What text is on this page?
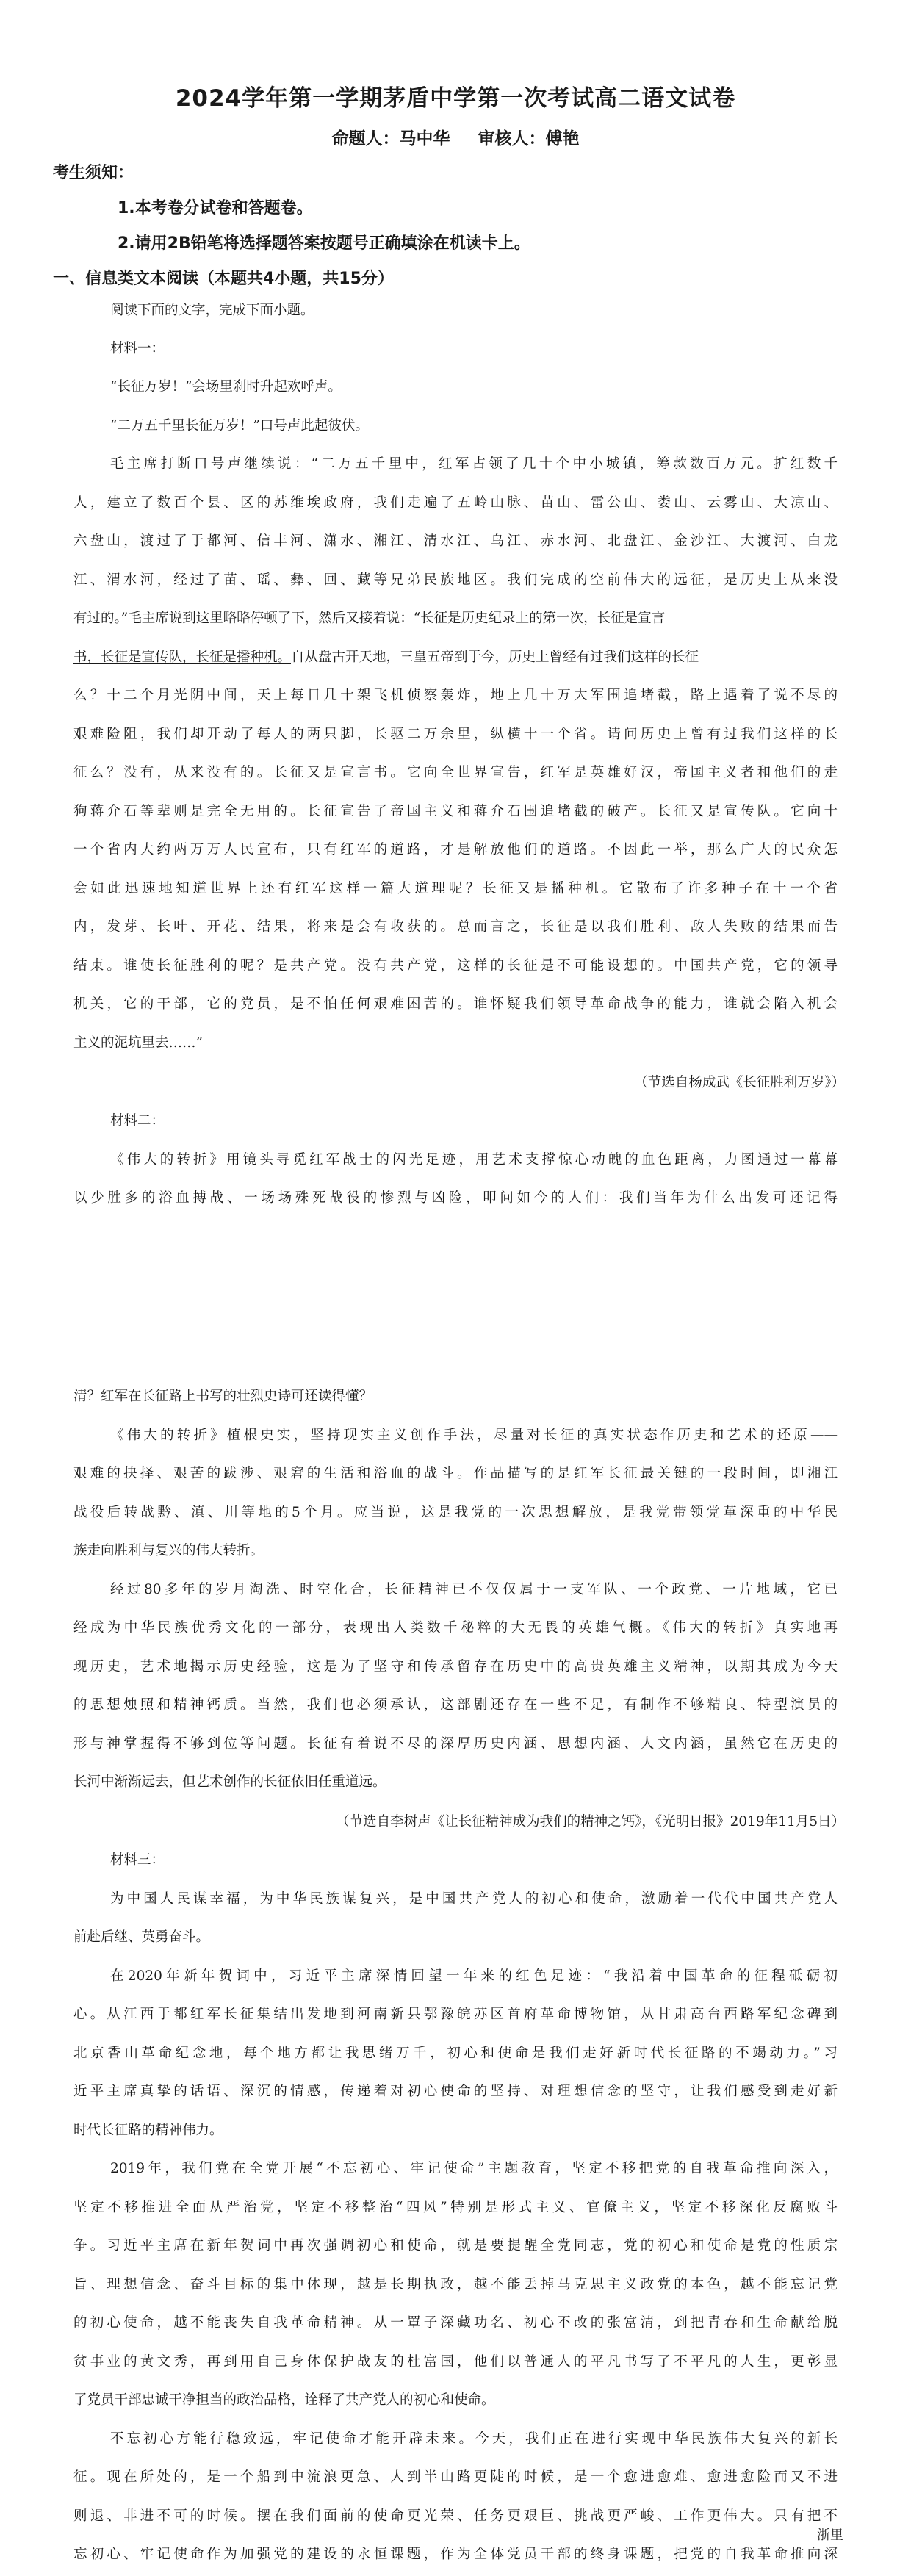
2024学年第一学期茅盾中学第一次考试高二语文试卷
命题人：马中华 审核人：傅艳
考生须知：
1.本考卷分试卷和答题卷。
2.请用2B铅笔将选择题答案按题号正确填涂在机读卡上。
一、信息类文本阅读（本题共4小题，共15分）
阅读下面的文字，完成下面小题。
材料一：
“长征万岁！”会场里刹时升起欢呼声。
“二万五千里长征万岁！”口号声此起彼伏。
毛主席打断口号声继续说：“二万五千里中，红军占领了几十个中小城镇，筹款数百万元。扩红数千
人，建立了数百个县、区的苏维埃政府，我们走遍了五岭山脉、苗山、雷公山、娄山、云雾山、大凉山、
六盘山，渡过了于都河、信丰河、潇水、湘江、清水江、乌江、赤水河、北盘江、金沙江、大渡河、白龙
江、渭水河，经过了苗、瑶、彝、回、藏等兄弟民族地区。我们完成的空前伟大的远征，是历史上从来没
有过的。”毛主席说到这里略略停顿了下，然后又接着说：“长征是历史纪录上的第一次，长征是宣言
书，长征是宣传队，长征是播种机。自从盘古开天地，三皇五帝到于今，历史上曾经有过我们这样的长征
么？十二个月光阴中间，天上每日几十架飞机侦察轰炸，地上几十万大军围追堵截，路上遇着了说不尽的
艰难险阻，我们却开动了每人的两只脚，长驱二万余里，纵横十一个省。请问历史上曾有过我们这样的长
征么？没有，从来没有的。长征又是宣言书。它向全世界宣告，红军是英雄好汉，帝国主义者和他们的走
狗蒋介石等辈则是完全无用的。长征宣告了帝国主义和蒋介石围追堵截的破产。长征又是宣传队。它向十
一个省内大约两万万人民宣布，只有红军的道路，才是解放他们的道路。不因此一举，那么广大的民众怎
会如此迅速地知道世界上还有红军这样一篇大道理呢？长征又是播种机。它散布了许多种子在十一个省
内，发芽、长叶、开花、结果，将来是会有收获的。总而言之，长征是以我们胜利、敌人失败的结果而告
结束。谁使长征胜利的呢？是共产党。没有共产党，这样的长征是不可能设想的。中国共产党，它的领导
机关，它的干部，它的党员，是不怕任何艰难困苦的。谁怀疑我们领导革命战争的能力，谁就会陷入机会
主义的泥坑里去……”
（节选自杨成武《长征胜利万岁》）
材料二：
《伟大的转折》用镜头寻觅红军战士的闪光足迹，用艺术支撑惊心动魄的血色距离，力图通过一幕幕
以少胜多的浴血搏战、一场场殊死战役的惨烈与凶险，叩问如今的人们：我们当年为什么出发可还记得
清？红军在长征路上书写的壮烈史诗可还读得懂？
《伟大的转折》植根史实，坚持现实主义创作手法，尽量对长征的真实状态作历史和艺术的还原——
艰难的抉择、艰苦的跋涉、艰窘的生活和浴血的战斗。作品描写的是红军长征最关键的一段时间，即湘江
战役后转战黔、滇、川等地的5个月。应当说，这是我党的一次思想解放，是我党带领党革深重的中华民
族走向胜利与复兴的伟大转折。
经过80多年的岁月淘洗、时空化合，长征精神已不仅仅属于一支军队、一个政党、一片地域，它已
经成为中华民族优秀文化的一部分，表现出人类数千秘粹的大无畏的英雄气概。《伟大的转折》真实地再
现历史，艺术地揭示历史经验，这是为了坚守和传承留存在历史中的高贵英雄主义精神，以期其成为今天
的思想烛照和精神钙质。当然，我们也必须承认，这部剧还存在一些不足，有制作不够精良、特型演员的
形与神掌握得不够到位等问题。长征有着说不尽的深厚历史内涵、思想内涵、人文内涵，虽然它在历史的
长河中渐渐远去，但艺术创作的长征依旧任重道远。
（节选自李树声《让长征精神成为我们的精神之钙》，《光明日报》2019年11月5日）
材料三：
为中国人民谋幸福，为中华民族谋复兴，是中国共产党人的初心和使命，激励着一代代中国共产党人
前赴后继、英勇奋斗。
在2020年新年贺词中，习近平主席深情回望一年来的红色足迹：“我沿着中国革命的征程砥砺初
心。从江西于都红军长征集结出发地到河南新县鄂豫皖苏区首府革命博物馆，从甘肃高台西路军纪念碑到
北京香山革命纪念地，每个地方都让我思绪万千，初心和使命是我们走好新时代长征路的不竭动力。”习
近平主席真挚的话语、深沉的情感，传递着对初心使命的坚持、对理想信念的坚守，让我们感受到走好新
时代长征路的精神伟力。
2019年，我们党在全党开展“不忘初心、牢记使命”主题教育，坚定不移把党的自我革命推向深入，
坚定不移推进全面从严治党，坚定不移整治“四风”特别是形式主义、官僚主义，坚定不移深化反腐败斗
争。习近平主席在新年贺词中再次强调初心和使命，就是要提醒全党同志，党的初心和使命是党的性质宗
旨、理想信念、奋斗目标的集中体现，越是长期执政，越不能丢掉马克思主义政党的本色，越不能忘记党
的初心使命，越不能丧失自我革命精神。从一罩子深藏功名、初心不改的张富清，到把青春和生命献给脱
贫事业的黄文秀，再到用自己身体保护战友的杜富国，他们以普通人的平凡书写了不平凡的人生，更彰显
了党员干部忠诚干净担当的政治品格，诠释了共产党人的初心和使命。
不忘初心方能行稳致远，牢记使命才能开辟未来。今天，我们正在进行实现中华民族伟大复兴的新长
征。现在所处的，是一个船到中流浪更急、人到半山路更陡的时候，是一个愈进愈难、愈进愈险而又不进
则退、非进不可的时候。摆在我们面前的使命更光荣、任务更艰巨、挑战更严峻、工作更伟大。只有把不
忘初心、牢记使命作为加强党的建设的永恒课题，作为全体党员干部的终身课题，把党的自我革命推向深
浙里
